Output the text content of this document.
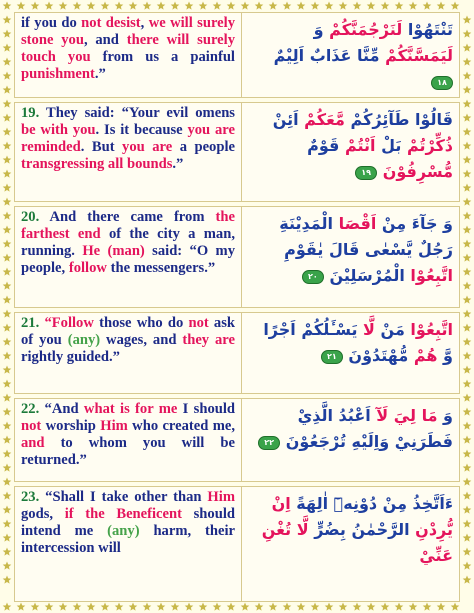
if you do not desist, we will surely stone you, and there will surely touch you from us a painful punishment.”
تَنْتَهُوْا لَنَرْجُمَنَّكُمْ وَ لَيَمَسَّنَّكُمْ مِّنَّا عَذَابٌ اَلِيْمٌ ١٨
19. They said: “Your evil omens be with you. Is it because you are reminded. But you are a people transgressing all bounds.”
قَالُوْا طَآئِرُكُمْ مَّعَكُمْ اَئِنْ ذُكِّرْتُمْ بَلْ اَنْتُمْ قَوْمٌ مُّسْرِفُوْنَ ١٩
20. And there came from the farthest end of the city a man, running. He (man) said: “O my people, follow the messengers.”
وَ جَآءَ مِنْ اَقْصَا الْمَدِيْنَةِ رَجُلٌ يَّسْعٰى قَالَ يٰقَوْمِ اتَّبِعُوْا الْمُرْسَلِيْنَ ٢٠
21. “Follow those who do not ask of you (any) wages, and they are rightly guided.”
اتَّبِعُوْا مَنْ لَّا يَسْـَٔلُكُمْ اَجْرًا وَّ هُمْ مُّهْتَدُوْنَ ٢١
22. “And what is for me I should not worship Him who created me, and to whom you will be returned.”
وَ مَا لِيَ لَآ اَعْبُدُ الَّذِيْ فَطَرَنِيْ وَاِلَيْهِ تُرْجَعُوْنَ ٢٢
23. “Shall I take other than Him gods, if the Beneficent should intend me (any) harm, their intercession will
ءَاَتَّخِذُ مِنْ دُوْنِهٖٓ اٰلِهَةً اِنْ يُّرِدْنِ الرَّحْمٰنُ بِضُرٍّ لَّا تُغْنِ عَنِّيْ
